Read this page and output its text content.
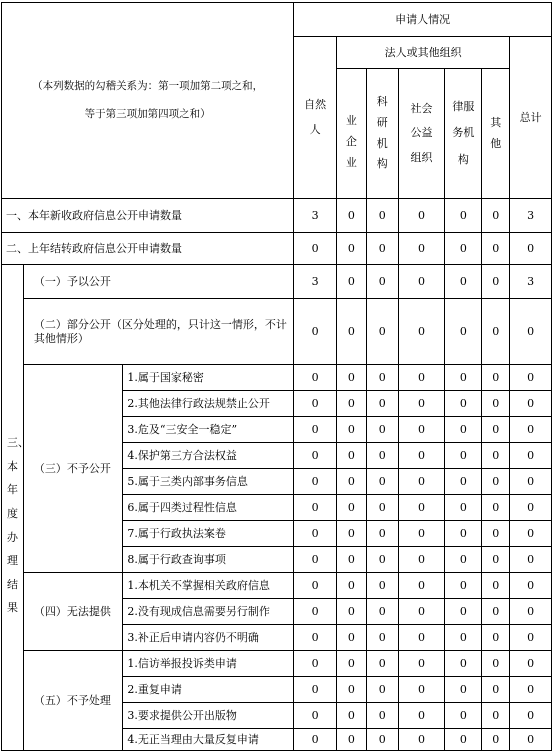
（本列数据的勾稽关系为：第一项加第二项之和，等于第三项加第四项之和）			申请人情况						

			自然人	法人或其他组织					总计

				业企业	科研机构	社会公益组织	律服务机构	其他	

一、本年新收政府信息公开申请数量			3	0	0	0	0	0	3
二、上年结转政府信息公开申请数量			0	0	0	0	0	0	0

三、本年度办理结果	（一）予以公开		3	0	0	0	0	0	3
	（二）部分公开（区分处理的，只计这一情形，不计其他情形）		0	0	0	0	0	0	0
	（三）不予公开	1.属于国家秘密	0	0	0	0	0	0	0
		2.其他法律行政法规禁止公开	0	0	0	0	0	0	0
		3.危及“三安全一稳定”	0	0	0	0	0	0	0
		4.保护第三方合法权益	0	0	0	0	0	0	0
		5.属于三类内部事务信息	0	0	0	0	0	0	0
		6.属于四类过程性信息	0	0	0	0	0	0	0
		7.属于行政执法案卷	0	0	0	0	0	0	0
		8.属于行政查询事项	0	0	0	0	0	0	0
	（四）无法提供	1.本机关不掌握相关政府信息	0	0	0	0	0	0	0
		2.没有现成信息需要另行制作	0	0	0	0	0	0	0
		3.补正后申请内容仍不明确	0	0	0	0	0	0	0
	（五）不予处理	1.信访举报投诉类申请	0	0	0	0	0	0	0
		2.重复申请	0	0	0	0	0	0	0
		3.要求提供公开出版物	0	0	0	0	0	0	0
		4.无正当理由大量反复申请	0	0	0	0	0	0	0
